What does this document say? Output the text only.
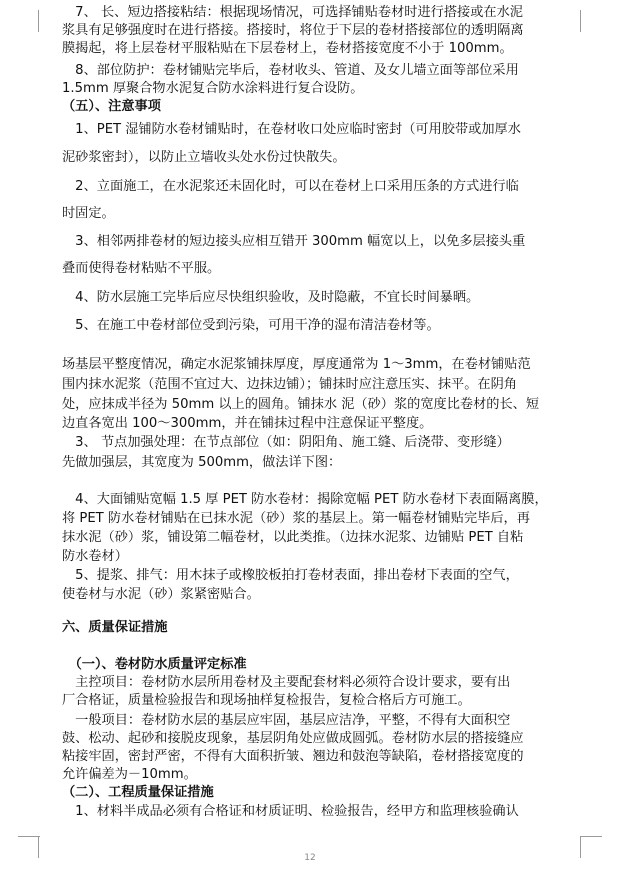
　7、 长、短边搭接粘结：根据现场情况，可选择铺贴卷材时进行搭接或在水泥
浆具有足够强度时在进行搭接。搭接时，将位于下层的卷材搭接部位的透明隔离
膜揭起，将上层卷材平服粘贴在下层卷材上，卷材搭接宽度不小于 100mm。
　8、部位防护：卷材铺贴完毕后，卷材收头、管道、及女儿墙立面等部位采用
1.5mm 厚聚合物水泥复合防水涂料进行复合设防。
（五）、注意事项
　1、PET 湿铺防水卷材铺贴时，在卷材收口处应临时密封（可用胶带或加厚水
泥砂浆密封），以防止立墙收头处水份过快散失。
　2、立面施工，在水泥浆还未固化时，可以在卷材上口采用压条的方式进行临
时固定。
　3、相邻两排卷材的短边接头应相互错开 300mm 幅宽以上，以免多层接头重
叠而使得卷材粘贴不平服。
　4、防水层施工完毕后应尽快组织验收，及时隐蔽，不宜长时间暴晒。
　5、在施工中卷材部位受到污染，可用干净的湿布清洁卷材等。
场基层平整度情况，确定水泥浆铺抹厚度，厚度通常为 1～3mm，在卷材铺贴范
围内抹水泥浆（范围不宜过大、边抹边铺）；铺抹时应注意压实、抹平。在阴角
处，应抹成半径为 50mm 以上的圆角。铺抹水 泥（砂）浆的宽度比卷材的长、短
边直各宽出 100～300mm，并在铺抹过程中注意保证平整度。
　3、 节点加强处理：在节点部位（如：阴阳角、施工缝、后浇带、变形缝）
先做加强层，其宽度为 500mm，做法详下图：
　4、大面铺贴宽幅 1.5 厚 PET 防水卷材：揭除宽幅 PET 防水卷材下表面隔离膜，
将 PET 防水卷材铺贴在已抹水泥（砂）浆的基层上。第一幅卷材铺贴完毕后，再
抹水泥（砂）浆，铺设第二幅卷材，以此类推。（边抹水泥浆、边铺贴 PET 自粘
防水卷材）
　5、提浆、排气：用木抹子或橡胶板拍打卷材表面，排出卷材下表面的空气，
使卷材与水泥（砂）浆紧密贴合。
六、质量保证措施
　（一）、卷材防水质量评定标准
　主控项目：卷材防水层所用卷材及主要配套材料必须符合设计要求，要有出
厂合格证，质量检验报告和现场抽样复检报告，复检合格后方可施工。
　一般项目：卷材防水层的基层应牢固，基层应洁净，平整，不得有大面积空
鼓、松动、起砂和接脱皮现象，基层阴角处应做成圆弧。卷材防水层的搭接缝应
粘接牢固，密封严密，不得有大面积折皱、翘边和鼓泡等缺陷，卷材搭接宽度的
允许偏差为－10mm。
（二）、工程质量保证措施
　1、材料半成品必须有合格证和材质证明、检验报告，经甲方和监理核验确认
12
